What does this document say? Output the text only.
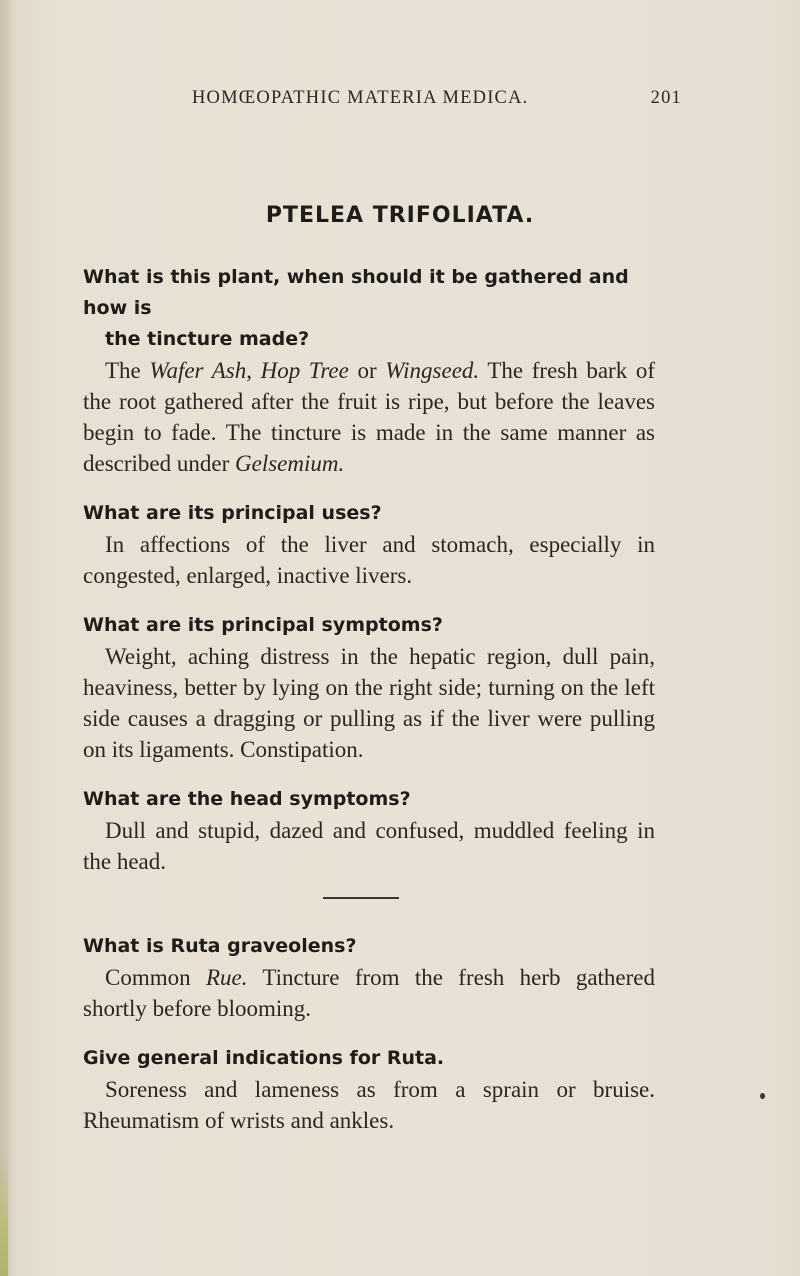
HOMŒOPATHIC MATERIA MEDICA.	201
PTELEA TRIFOLIATA.

What is this plant, when should it be gathered and how is
the tincture made?

The Wafer Ash, Hop Tree or Wingseed. The fresh bark of the root gathered after the fruit is ripe, but before the leaves begin to fade. The tincture is made in the same manner as described under Gelsemium.

What are its principal uses?

In affections of the liver and stomach, especially in congested, enlarged, inactive livers.

What are its principal symptoms?

Weight, aching distress in the hepatic region, dull pain, heaviness, better by lying on the right side; turning on the left side causes a dragging or pulling as if the liver were pulling on its ligaments. Constipation.

What are the head symptoms?

Dull and stupid, dazed and confused, muddled feeling in the head.

What is Ruta graveolens?

Common Rue. Tincture from the fresh herb gathered shortly before blooming.

Give general indications for Ruta.

Soreness and lameness as from a sprain or bruise. Rheumatism of wrists and ankles.
